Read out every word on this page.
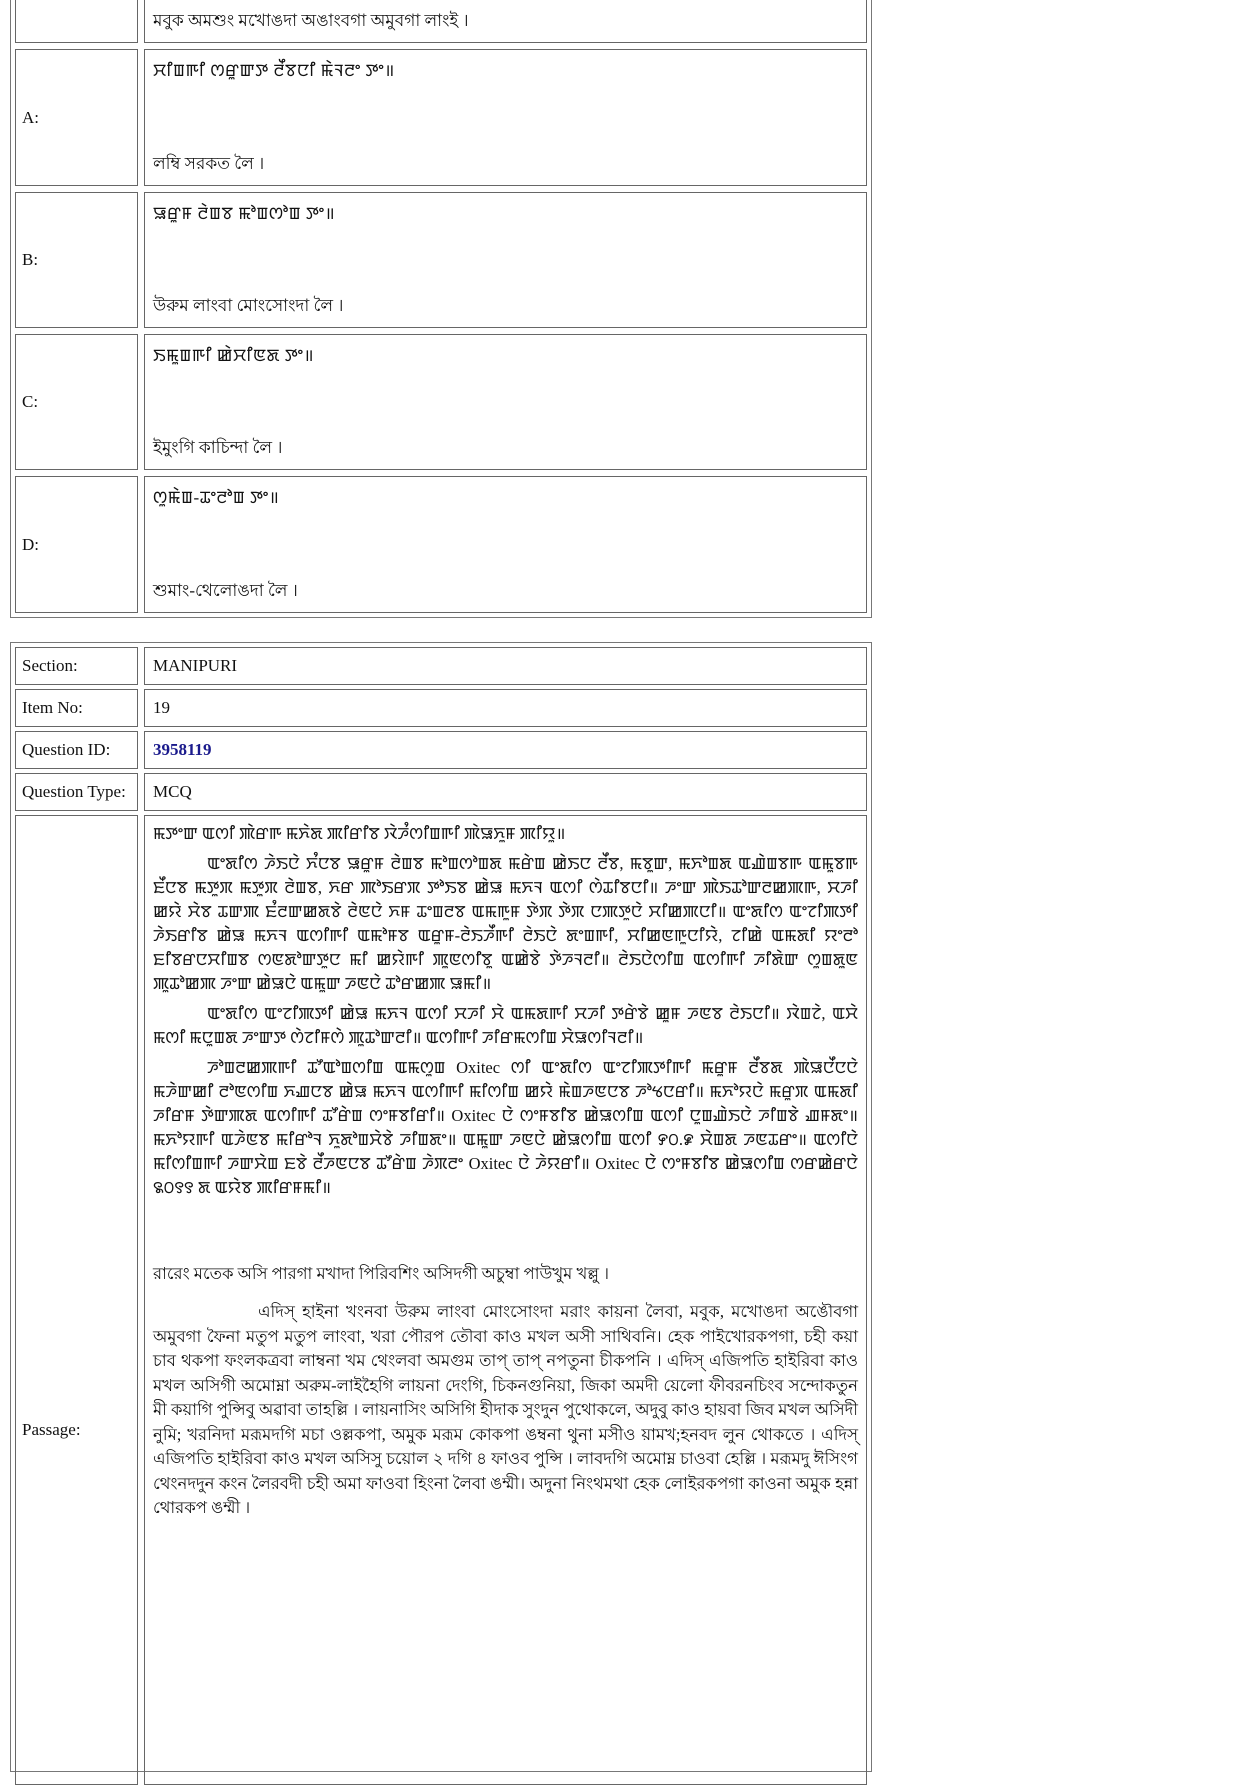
মবুক অমশুং মখোঙদা অঙাংবগা অমুবগা লাংই ।
A:
ꯆꯤꯡꯒꯤ ꯁꯔꯨꯛꯇ ꯂꯩꯕꯅꯤ ꯃꯥꯜꯂꯦ ꯇꯦ॥
লম্বি সরকত লৈ ।
B:
ꯎꯔꯨꯝ ꯂꯥꯡꯕ ꯃꯣꯡꯁꯣꯡ ꯇꯦ॥
উরুম লাংবা মোংসোংদা লৈ ।
C:
ꯏꯃꯨꯡꯒꯤ ꯀꯥꯆꯤꯟꯗ ꯇꯦ॥
ইমুংগি কাচিন্দা লৈ ।
D:
ꯁꯨꯃꯥꯡ-ꯊꯦꯂꯣꯡ ꯇꯦ॥
শুমাং-থেলোঙদা লৈ ।
Section:	MANIPURI
Item No:	19
Question ID:	3958119
Question Type: MCQ
Passage:

ꯃꯇꯦꯛ ꯑꯁꯤ ꯄꯥꯔꯒ ꯃꯈꯥꯗ ꯄꯤꯔꯤꯕ ꯋꯥꯍꯪꯁꯤꯡꯒꯤ ꯄꯥꯎꯈꯨꯝ ꯄꯤꯌꯨ॥

ꯑꯦꯗꯤꯁ ꯍꯥꯏꯅꯥ ꯈꯪꯅꯕ ꯎꯔꯨꯝ ꯂꯥꯡꯕ ꯃꯣꯡꯁꯣꯡꯗ ꯃꯔꯥꯡ ꯀꯥꯏꯅ ꯂꯩꯕ, ꯃꯕꯨꯛ, ꯃꯈꯣꯡꯗ ꯑꯉꯥꯡꯕꯒ ꯑꯃꯨꯕꯒ ꯐꯩꯅꯕ ꯃꯇꯨꯞ ꯃꯇꯨꯞ ꯂꯥꯡꯕ, ꯈꯔ ꯄꯣꯏꯔꯞ ꯇꯣꯏꯕ ꯀꯥꯎ ꯃꯈꯜ ꯑꯁꯤ ꯁꯥꯊꯤꯕꯅꯤ॥ ꯍꯦꯛ ꯄꯥꯏꯊꯣꯛꯂꯀꯄꯒ, ꯆꯍꯤ ꯀꯌꯥ ꯆꯥꯕ ꯊꯛꯄ ꯐꯪꯂꯛꯀꯗꯕꯥ ꯂꯥꯟꯅꯥ ꯈꯝ ꯊꯦꯡꯂꯕ ꯑꯃꯒꯨꯝ ꯇꯥꯞ ꯇꯥꯞ ꯅꯄꯇꯨꯅꯥ ꯆꯤꯀꯄꯅꯤ॥ ꯑꯦꯗꯤꯁ ꯑꯦꯖꯤꯄꯇꯤ ꯍꯥꯏꯔꯤꯕ ꯀꯥꯎ ꯃꯈꯜ ꯑꯁꯤꯒꯤ ꯑꯃꯣꯝꯕ ꯑꯔꯨꯝ-ꯂꯥꯏꯍꯩꯒꯤ ꯂꯥꯏꯅꯥ ꯗꯦꯡꯒꯤ, ꯆꯤꯀꯟꯒꯨꯅꯤꯌꯥ, ꯖꯤꯀꯥ ꯑꯃꯗꯤ ꯌꯦꯂꯣ ꯐꯤꯕꯔꯅꯆꯤꯡꯕ ꯁꯟꯗꯣꯛꯇꯨꯅ ꯃꯤ ꯀꯌꯥꯒꯤ ꯄꯨꯟꯁꯤꯕꯨ ꯑꯀꯥꯕꯥ ꯇꯥꯍꯜꯂꯤ॥ ꯂꯥꯏꯅꯥꯁꯤꯡ ꯑꯁꯤꯒꯤ ꯍꯤꯗꯥꯛ ꯁꯨꯡꯗꯨꯟ ꯄꯨꯊꯣꯀꯄ ꯍꯦꯛ ꯀꯥꯎꯅꯥ ꯑꯃꯨꯛ ꯍꯟꯅꯥ ꯊꯣꯔꯀꯄ ꯎꯃꯤ॥

ꯑꯦꯗꯤꯁ ꯑꯦꯖꯤꯄꯇꯤ ꯀꯥꯎ ꯃꯈꯜ ꯑꯁꯤ ꯆꯍꯤ ꯆꯥ ꯑꯃꯗꯒꯤ ꯆꯍꯤ ꯇꯔꯥꯕꯥ ꯀꯨꯝ ꯍꯟꯕ ꯂꯥꯏꯅꯤ॥ ꯋꯥꯡꯖꯥ, ꯑꯆꯥ ꯃꯁꯤ ꯃꯅꯨꯡꯗ ꯍꯦꯛꯇ ꯁꯥꯖꯤꯝꯁꯥ ꯄꯨꯊꯣꯛꯂꯤ॥ ꯑꯁꯤꯒꯤ ꯍꯤꯔꯃꯁꯤꯡ ꯆꯥꯎꯁꯤꯜꯂꯤ॥

ꯍꯣꯡꯂꯀꯄꯒꯤ ꯊꯧꯑꯣꯡꯁꯤꯡ ꯑꯃꯁꯨꯡ Oxitec ꯁꯤ ꯑꯦꯗꯤꯁ ꯑꯦꯖꯤꯄꯇꯤꯒꯤ ꯃꯔꯨꯝ ꯂꯩꯕꯗ ꯄꯥꯎꯅꯩꯅꯅꯥ ꯃꯍꯥꯛꯀꯤ ꯂꯣꯟꯁꯤꯡ ꯈꯉꯅꯕ ꯀꯥꯎ ꯃꯈꯜ ꯑꯁꯤꯒꯤ ꯃꯤꯁꯤꯡ ꯀꯌꯥ ꯃꯥꯡꯍꯟꯅꯕ ꯍꯣꯠꯅꯔꯤ॥ ꯃꯈꯣꯌꯅꯥ ꯃꯔꯨꯞ ꯑꯃꯗꯤ ꯍꯤꯔꯝ ꯇꯥꯛꯄꯗ ꯑꯁꯤꯒꯤ ꯊꯧꯔꯥꯡ ꯁꯦꯝꯕꯤꯔꯤ॥ Oxitec ꯅꯥ ꯁꯦꯝꯕꯤꯕ ꯀꯥꯎꯁꯤꯡ ꯑꯁꯤ ꯅꯨꯡꯉꯥꯏꯅꯥ ꯍꯤꯡꯕꯥ ꯉꯝꯗꯦ॥ ꯃꯈꯣꯌꯒꯤ ꯑꯍꯥꯟꯕ ꯃꯤꯔꯣꯜ ꯈꯨꯗꯣꯡꯆꯥꯕꯥ ꯍꯤꯡꯗꯦ॥ ꯑꯃꯨꯛ ꯍꯟꯅꯥ ꯀꯥꯎꯁꯤꯡ ꯑꯁꯤ ꯸꯰.꯹ ꯆꯥꯡꯗ ꯍꯟꯊꯔꯦ॥ ꯑꯁꯤꯅꯥ ꯃꯤꯁꯤꯡꯒꯤ ꯍꯛꯆꯥꯡ ꯐꯕꯥ ꯂꯩꯍꯟꯅꯕ ꯊꯧꯔꯥꯡ ꯍꯥꯞꯂꯦ Oxitec ꯅꯥ ꯍꯥꯌꯔꯤ॥ Oxitec ꯅꯥ ꯁꯦꯝꯕꯤꯕ ꯀꯥꯎꯁꯤꯡ ꯁꯔꯀꯥꯔꯅꯥ ꯲꯰꯱꯱ ꯗ ꯑꯌꯥꯕ ꯄꯤꯔꯝꯃꯤ॥

রারেং মতেক অসি পারগা মখাদা পিরিবশিং অসিদগী অচুম্বা পাউখুম খল্লু ।

এদিস্ হাইনা খংনবা উরুম লাংবা মোংসোংদা মরাং কায়না লৈবা, মবুক, মখোঙদা অঙৌবগা অমুবগা ফৈনা মতুপ মতুপ লাংবা, খরা পৌরপ তৌবা কাও মখল অসী সাথিবনি। হেক পাইখোরকপগা, চহী কয়া চাব থকপা ফংলকত্রবা লাম্বনা খম থেংলবা অমগুম তাপ্ তাপ্ নপতুনা চীকপনি । এদিস্ এজিপতি হাইরিবা কাও মখল অসিগী অমোম্না অরুম-লাইহৈগি লায়না দেংগি, চিকনগুনিয়া, জিকা অমদী য়েলো ফীবরনচিংব সন্দোকতুন মী কয়াগি পুন্সিবু অৱাবা তাহল্লি । লায়নাসিং অসিগি হীদাক সুংদুন পুথোকলে, অদুবু কাও হায়বা জিব মখল অসিদী নুমি; খরনিদা মরূমদগি মচা ওল্লকপা, অমুক মরূম কোকপা ঙম্বনা থুনা মসীও য়ামখ;হনবদ লুন থোকতে । এদিস্ এজিপতি হাইরিবা কাও মখল অসিসু চয়োল ২ দগি ৪ ফাওব পুন্সি । লাবদগি অমোম্ন চাওবা হেল্লি । মরূমদু ঈসিংগ থেংনদদুন কংন লৈরবদী চহী অমা ফাওবা হিংনা লৈবা ঙম্মী। অদুনা নিংথমথা হেক লোইরকপগা কাওনা অমুক হন্না থোরকপ ঙম্মী ।
